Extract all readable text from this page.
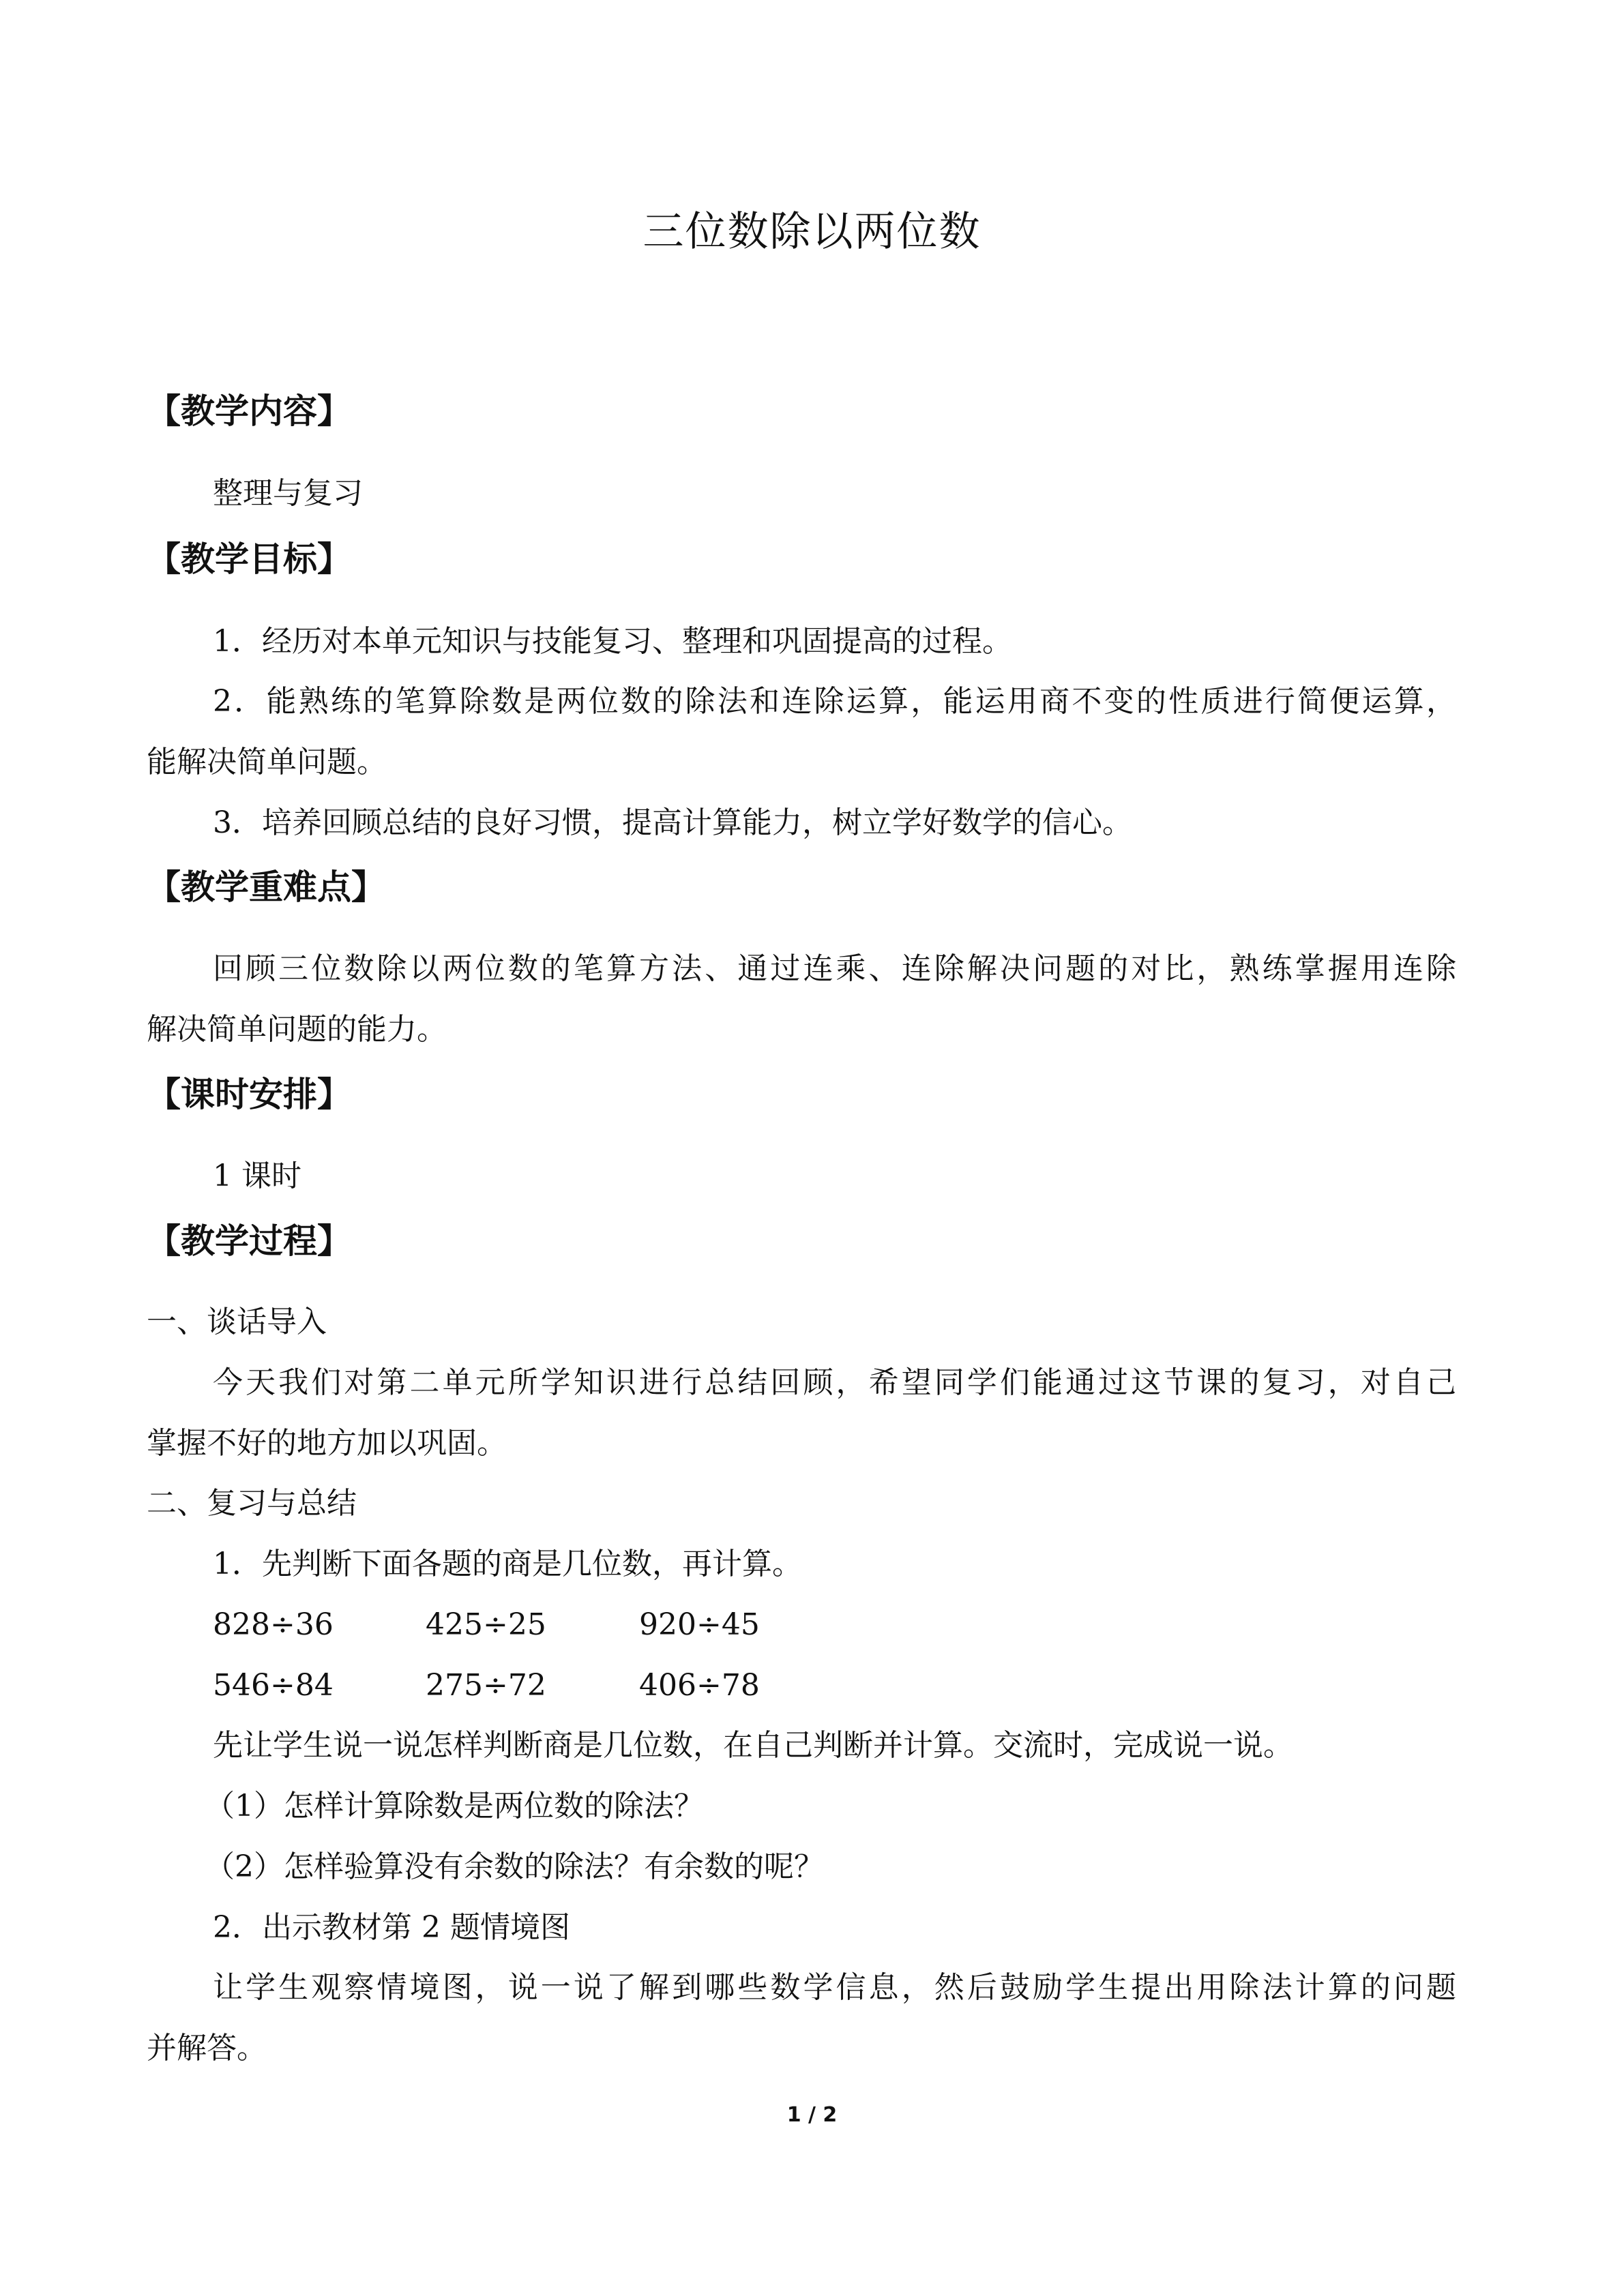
三位数除以两位数
【教学内容】
整理与复习
【教学目标】
1．经历对本单元知识与技能复习、整理和巩固提高的过程。
2．能熟练的笔算除数是两位数的除法和连除运算，能运用商不变的性质进行简便运算，
能解决简单问题。
3．培养回顾总结的良好习惯，提高计算能力，树立学好数学的信心。
【教学重难点】
回顾三位数除以两位数的笔算方法、通过连乘、连除解决问题的对比，熟练掌握用连除
解决简单问题的能力。
【课时安排】
1 课时
【教学过程】
一、谈话导入
今天我们对第二单元所学知识进行总结回顾，希望同学们能通过这节课的复习，对自己
掌握不好的地方加以巩固。
二、复习与总结
1．先判断下面各题的商是几位数，再计算。
828÷36	425÷25	920÷45
546÷84	275÷72	406÷78
先让学生说一说怎样判断商是几位数，在自己判断并计算。交流时，完成说一说。
（1）怎样计算除数是两位数的除法？
（2）怎样验算没有余数的除法？有余数的呢？
2．出示教材第 2 题情境图
让学生观察情境图，说一说了解到哪些数学信息，然后鼓励学生提出用除法计算的问题
并解答。
1 / 2
